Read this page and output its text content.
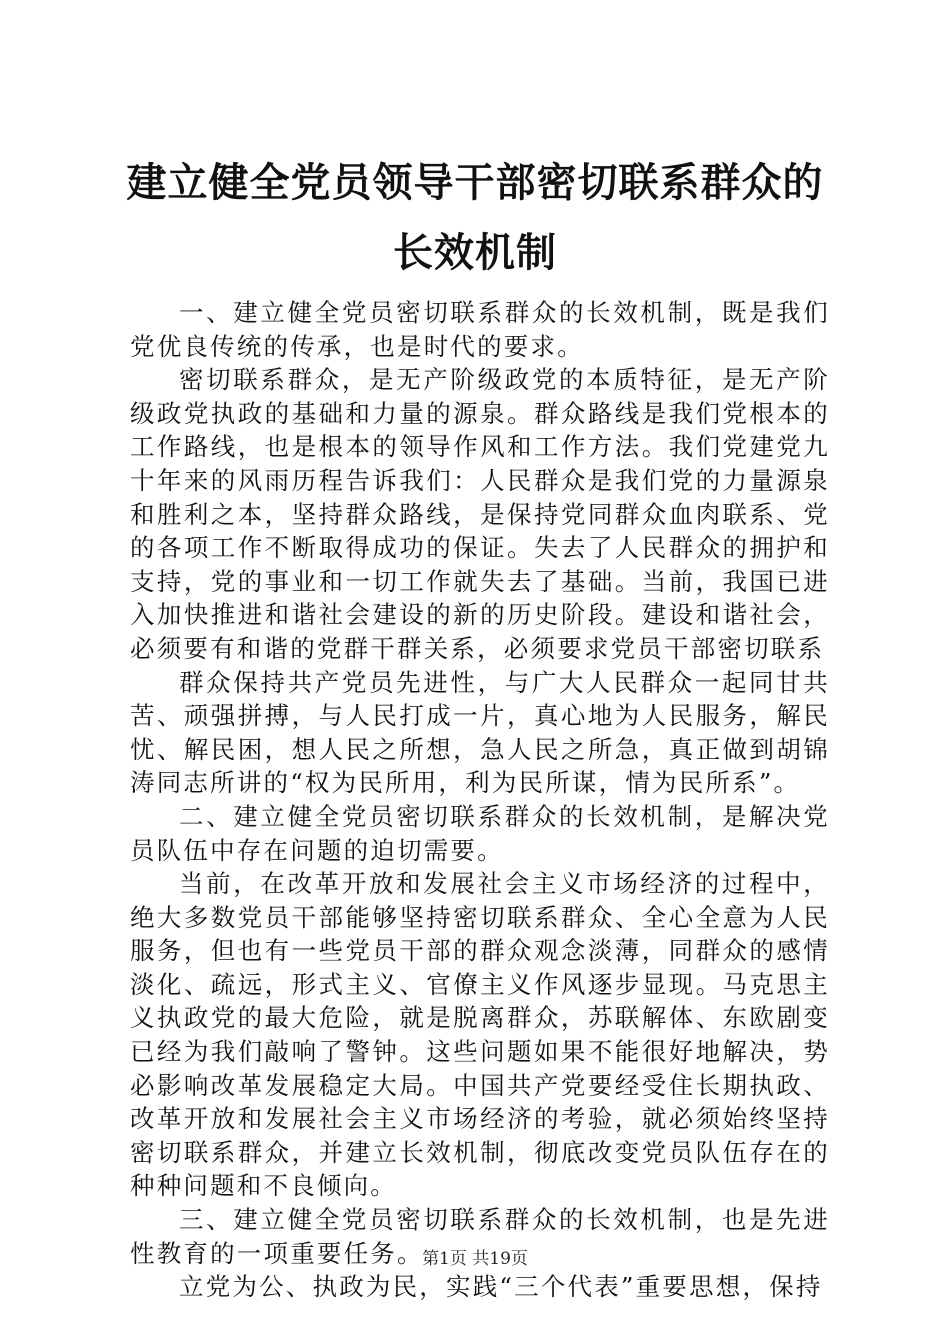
建立健全党员领导干部密切联系群众的长效机制

一、建立健全党员密切联系群众的长效机制，既是我们党优良传统的传承，也是时代的要求。

密切联系群众，是无产阶级政党的本质特征，是无产阶级政党执政的基础和力量的源泉。群众路线是我们党根本的工作路线，也是根本的领导作风和工作方法。我们党建党九十年来的风雨历程告诉我们：人民群众是我们党的力量源泉和胜利之本，坚持群众路线，是保持党同群众血肉联系、党的各项工作不断取得成功的保证。失去了人民群众的拥护和支持，党的事业和一切工作就失去了基础。当前，我国已进入加快推进和谐社会建设的新的历史阶段。建设和谐社会，必须要有和谐的党群干群关系，必须要求党员干部密切联系

群众保持共产党员先进性，与广大人民群众一起同甘共苦、顽强拼搏，与人民打成一片，真心地为人民服务，解民忧、解民困，想人民之所想，急人民之所急，真正做到胡锦涛同志所讲的“权为民所用，利为民所谋，情为民所系”。

二、建立健全党员密切联系群众的长效机制，是解决党员队伍中存在问题的迫切需要。

当前，在改革开放和发展社会主义市场经济的过程中，绝大多数党员干部能够坚持密切联系群众、全心全意为人民服务，但也有一些党员干部的群众观念淡薄，同群众的感情淡化、疏远，形式主义、官僚主义作风逐步显现。马克思主义执政党的最大危险，就是脱离群众，苏联解体、东欧剧变已经为我们敲响了警钟。这些问题如果不能很好地解决，势必影响改革发展稳定大局。中国共产党要经受住长期执政、改革开放和发展社会主义市场经济的考验，就必须始终坚持密切联系群众，并建立长效机制，彻底改变党员队伍存在的种种问题和不良倾向。

三、建立健全党员密切联系群众的长效机制，也是先进性教育的一项重要任务。

立党为公、执政为民，实践“三个代表”重要思想，保持

第1页 共19页
